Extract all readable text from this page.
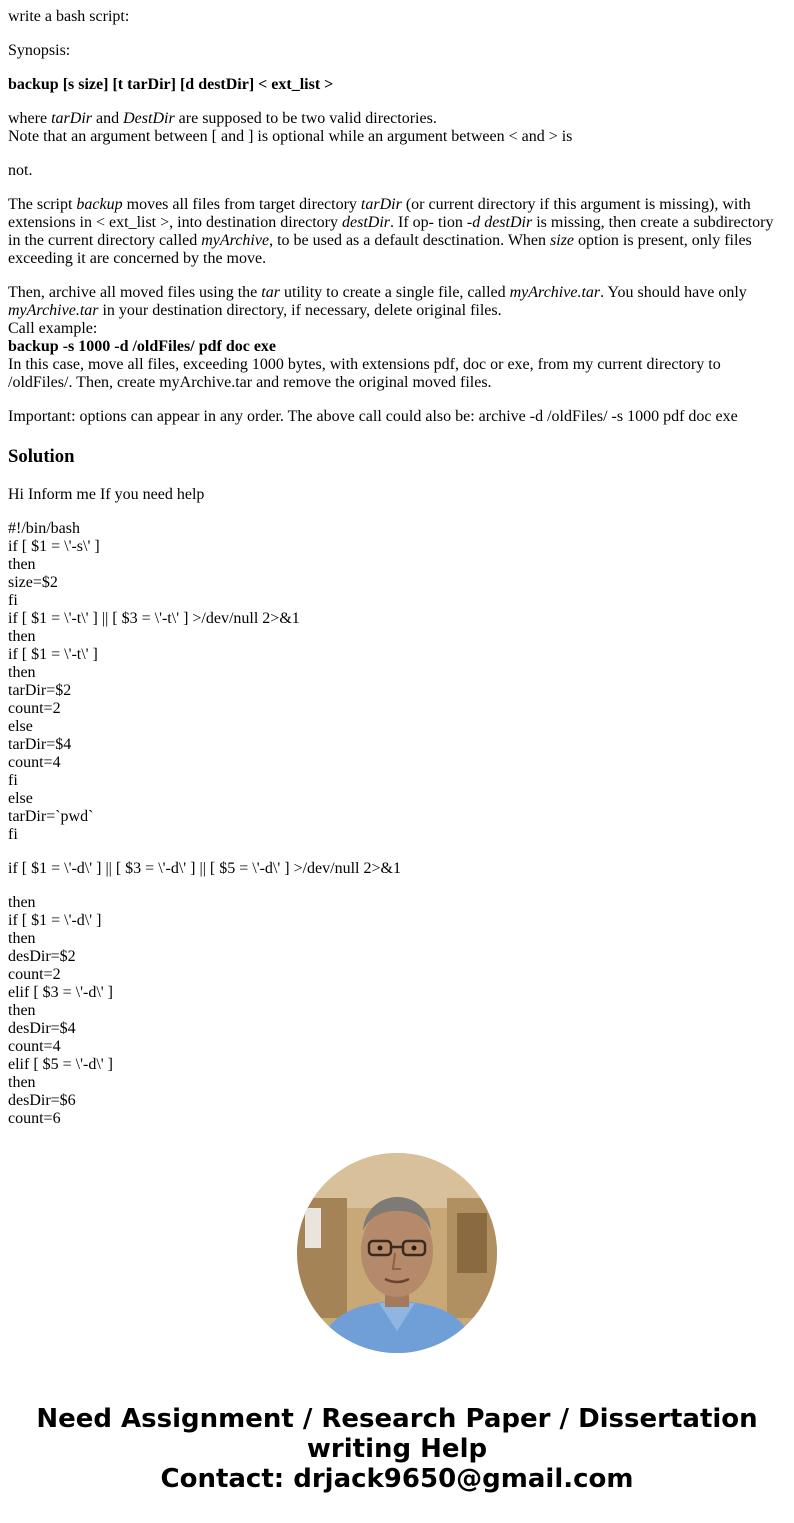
write a bash script:

Synopsis:

backup [s size] [t tarDir] [d destDir] < ext_list >

where tarDir and DestDir are supposed to be two valid directories.
Note that an argument between [ and ] is optional while an argument between < and > is

not.

The script backup moves all files from target directory tarDir (or current directory if this argument is missing), with
extensions in < ext_list >, into destination directory destDir. If op- tion -d destDir is missing, then create a subdirectory
in the current directory called myArchive, to be used as a default desctination. When size option is present, only files
exceeding it are concerned by the move.

Then, archive all moved files using the tar utility to create a single file, called myArchive.tar. You should have only
myArchive.tar in your destination directory, if necessary, delete original files.
Call example:
backup -s 1000 -d /oldFiles/ pdf doc exe
In this case, move all files, exceeding 1000 bytes, with extensions pdf, doc or exe, from my current directory to
/oldFiles/. Then, create myArchive.tar and remove the original moved files.

Important: options can appear in any order. The above call could also be: archive -d /oldFiles/ -s 1000 pdf doc exe

Solution

Hi Inform me If you need help

#!/bin/bash
if [ $1 = \'-s\' ]
then
size=$2
fi
if [ $1 = \'-t\' ] || [ $3 = \'-t\' ] >/dev/null 2>&1
then
if [ $1 = \'-t\' ]
then
tarDir=$2
count=2
else
tarDir=$4
count=4
fi
else
tarDir=`pwd`
fi
if [ $1 = \'-d\' ] || [ $3 = \'-d\' ] || [ $5 = \'-d\' ] >/dev/null 2>&1
then
if [ $1 = \'-d\' ]
then
desDir=$2
count=2
elif [ $3 = \'-d\' ]
then
desDir=$4
count=4
elif [ $5 = \'-d\' ]
then
desDir=$6
count=6
Need Assignment / Research Paper / Dissertation
writing Help
Contact: drjack9650@gmail.com
